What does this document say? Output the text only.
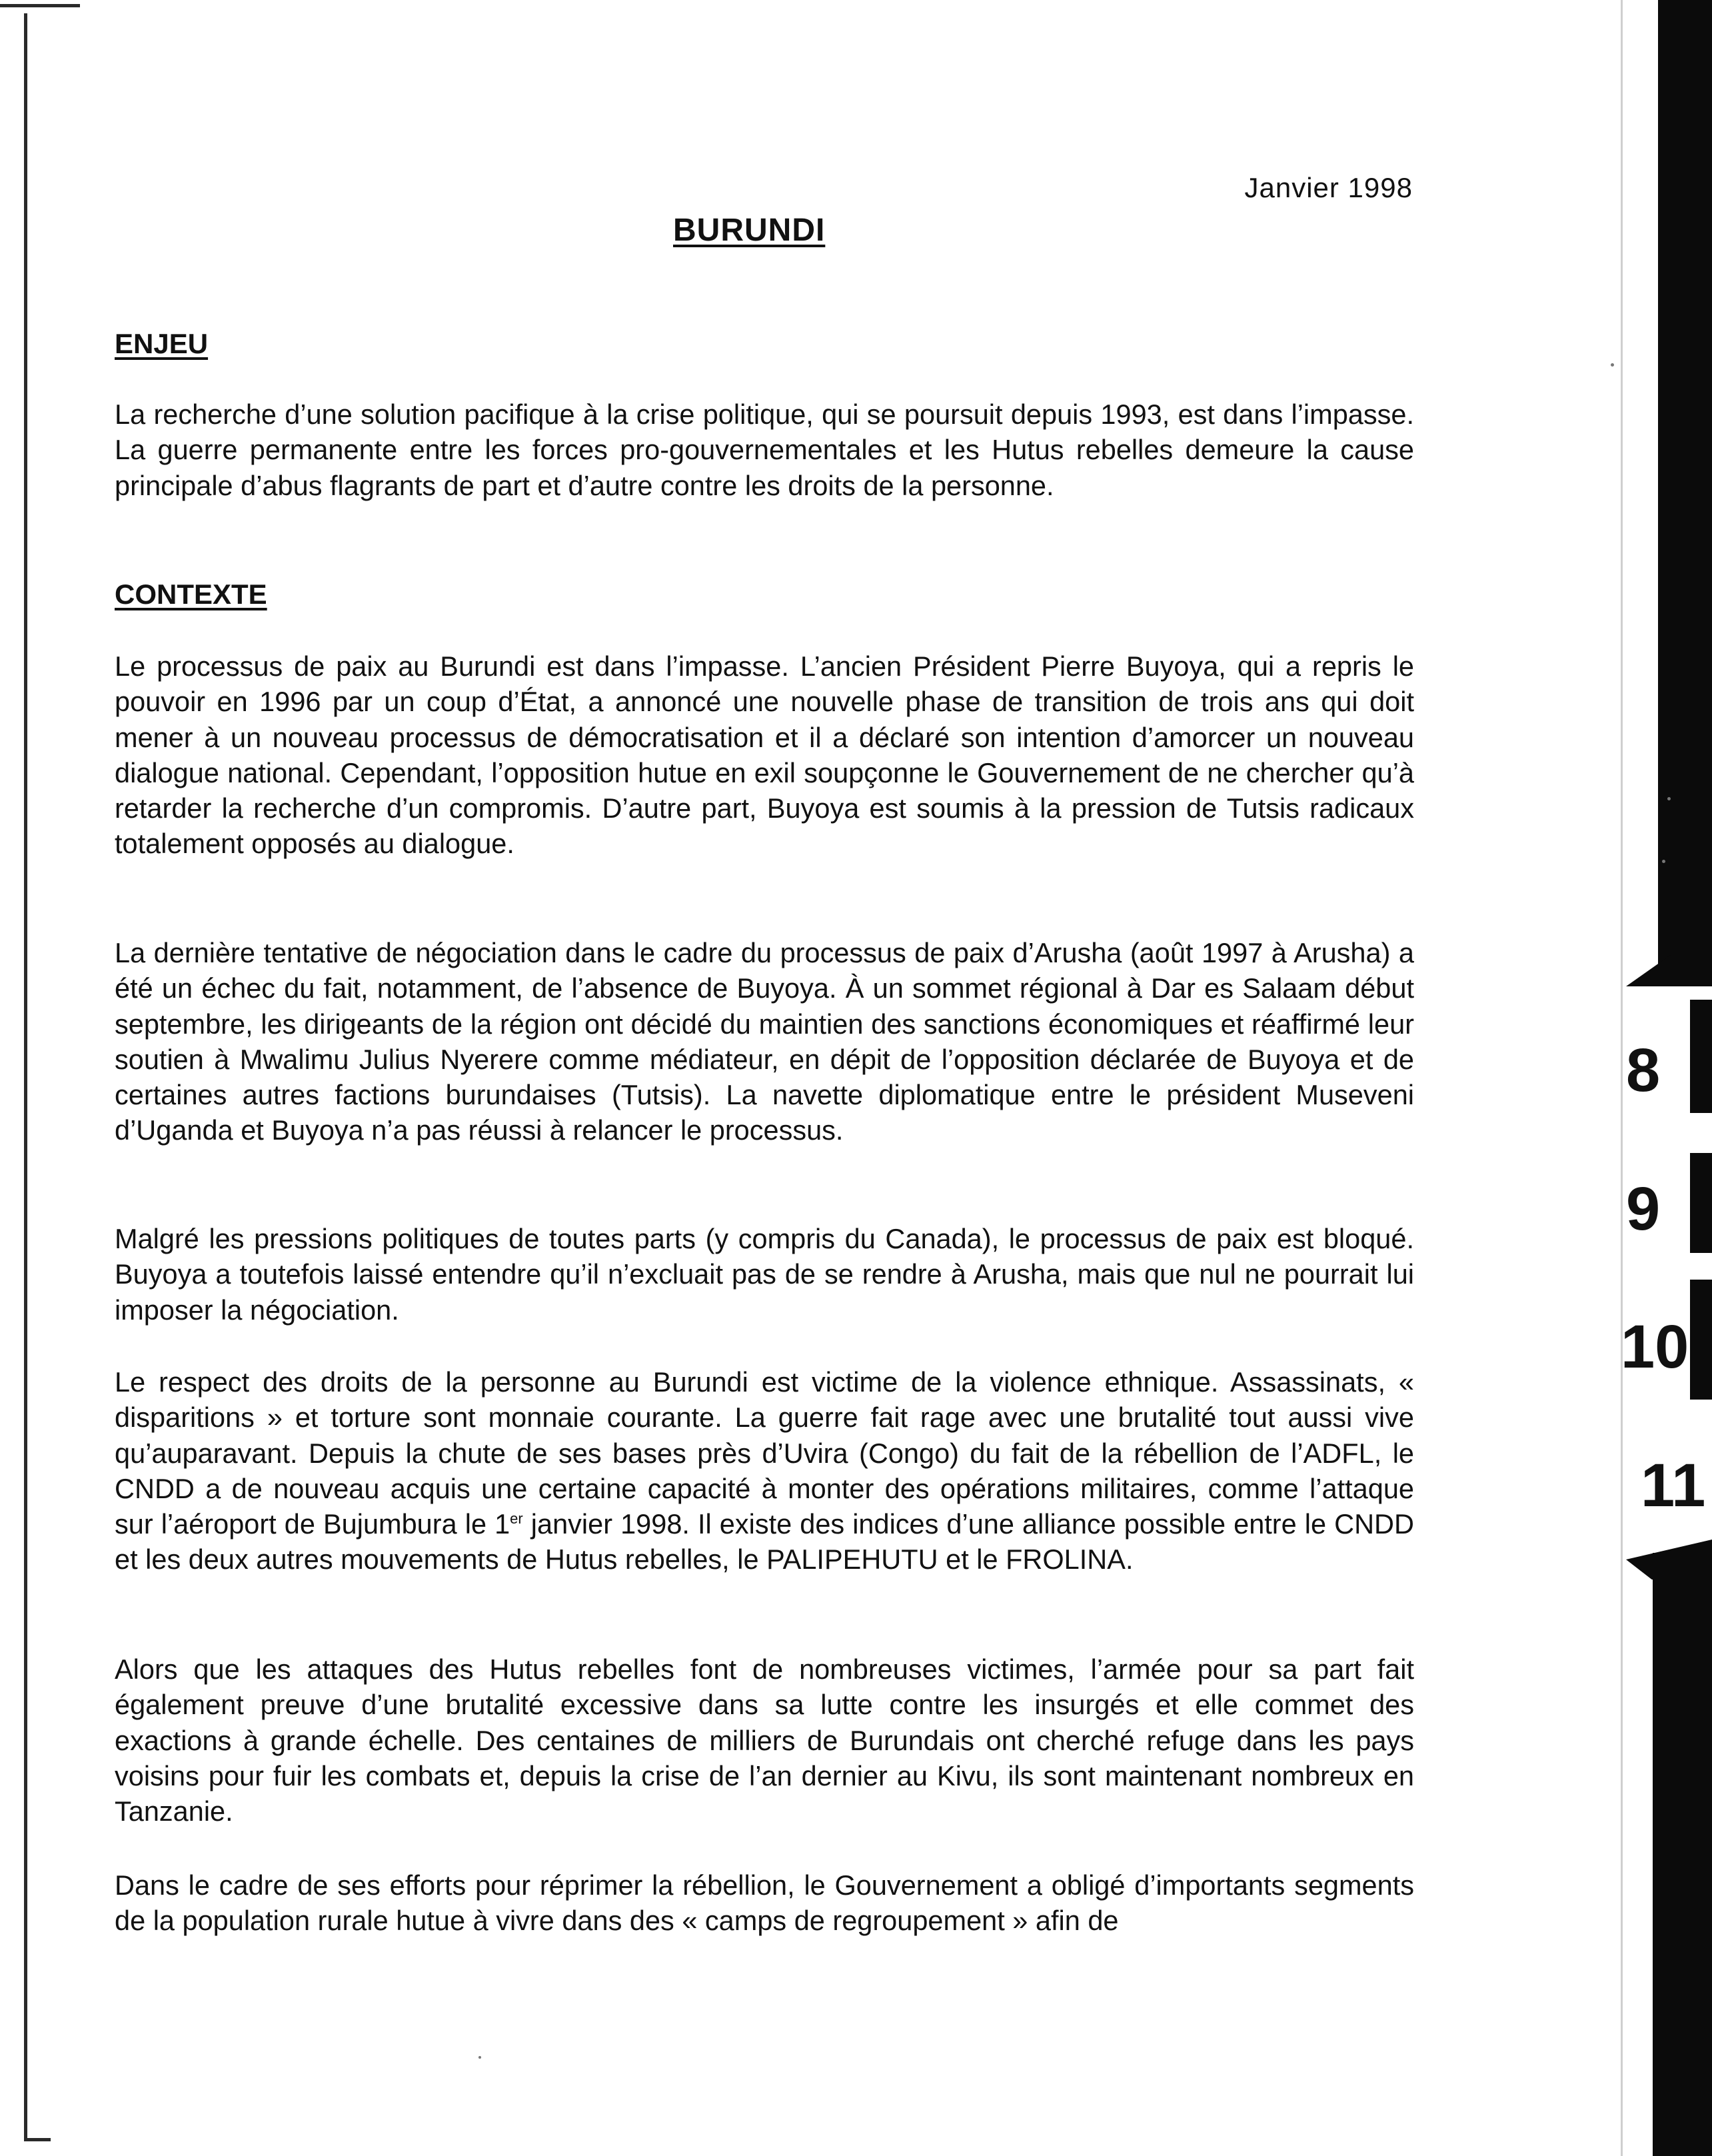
8
9
10
11
Janvier 1998
BURUNDI
ENJEU

La recherche d’une solution pacifique à la crise politique, qui se poursuit depuis 1993, est dans l’impasse. La guerre permanente entre les forces pro-gouvernementales et les Hutus rebelles demeure la cause principale d’abus flagrants de part et d’autre contre les droits de la personne.

CONTEXTE

Le processus de paix au Burundi est dans l’impasse. L’ancien Président Pierre Buyoya, qui a repris le pouvoir en 1996 par un coup d’État, a annoncé une nouvelle phase de transition de trois ans qui doit mener à un nouveau processus de démocratisation et il a déclaré son intention d’amorcer un nouveau dialogue national. Cependant, l’opposition hutue en exil soupçonne le Gouvernement de ne chercher qu’à retarder la recherche d’un compromis. D’autre part, Buyoya est soumis à la pression de Tutsis radicaux totalement opposés au dialogue.

La dernière tentative de négociation dans le cadre du processus de paix d’Arusha (août 1997 à Arusha) a été un échec du fait, notamment, de l’absence de Buyoya. À un sommet régional à Dar es Salaam début septembre, les dirigeants de la région ont décidé du maintien des sanctions économiques et réaffirmé leur soutien à Mwalimu Julius Nyerere comme médiateur, en dépit de l’opposition déclarée de Buyoya et de certaines autres factions burundaises (Tutsis). La navette diplomatique entre le président Museveni d’Uganda et Buyoya n’a pas réussi à relancer le processus.

Malgré les pressions politiques de toutes parts (y compris du Canada), le processus de paix est bloqué. Buyoya a toutefois laissé entendre qu’il n’excluait pas de se rendre à Arusha, mais que nul ne pourrait lui imposer la négociation.

Le respect des droits de la personne au Burundi est victime de la violence ethnique. Assassinats, « disparitions » et torture sont monnaie courante. La guerre fait rage avec une brutalité tout aussi vive qu’auparavant. Depuis la chute de ses bases près d’Uvira (Congo) du fait de la rébellion de l’ADFL, le CNDD a de nouveau acquis une certaine capacité à monter des opérations militaires, comme l’attaque sur l’aéroport de Bujumbura le 1er janvier 1998. Il existe des indices d’une alliance possible entre le CNDD et les deux autres mouvements de Hutus rebelles, le PALIPEHUTU et le FROLINA.

Alors que les attaques des Hutus rebelles font de nombreuses victimes, l’armée pour sa part fait également preuve d’une brutalité excessive dans sa lutte contre les insurgés et elle commet des exactions à grande échelle. Des centaines de milliers de Burundais ont cherché refuge dans les pays voisins pour fuir les combats et, depuis la crise de l’an dernier au Kivu, ils sont maintenant nombreux en Tanzanie.

Dans le cadre de ses efforts pour réprimer la rébellion, le Gouvernement a obligé d’importants segments de la population rurale hutue à vivre dans des « camps de regroupement » afin de
